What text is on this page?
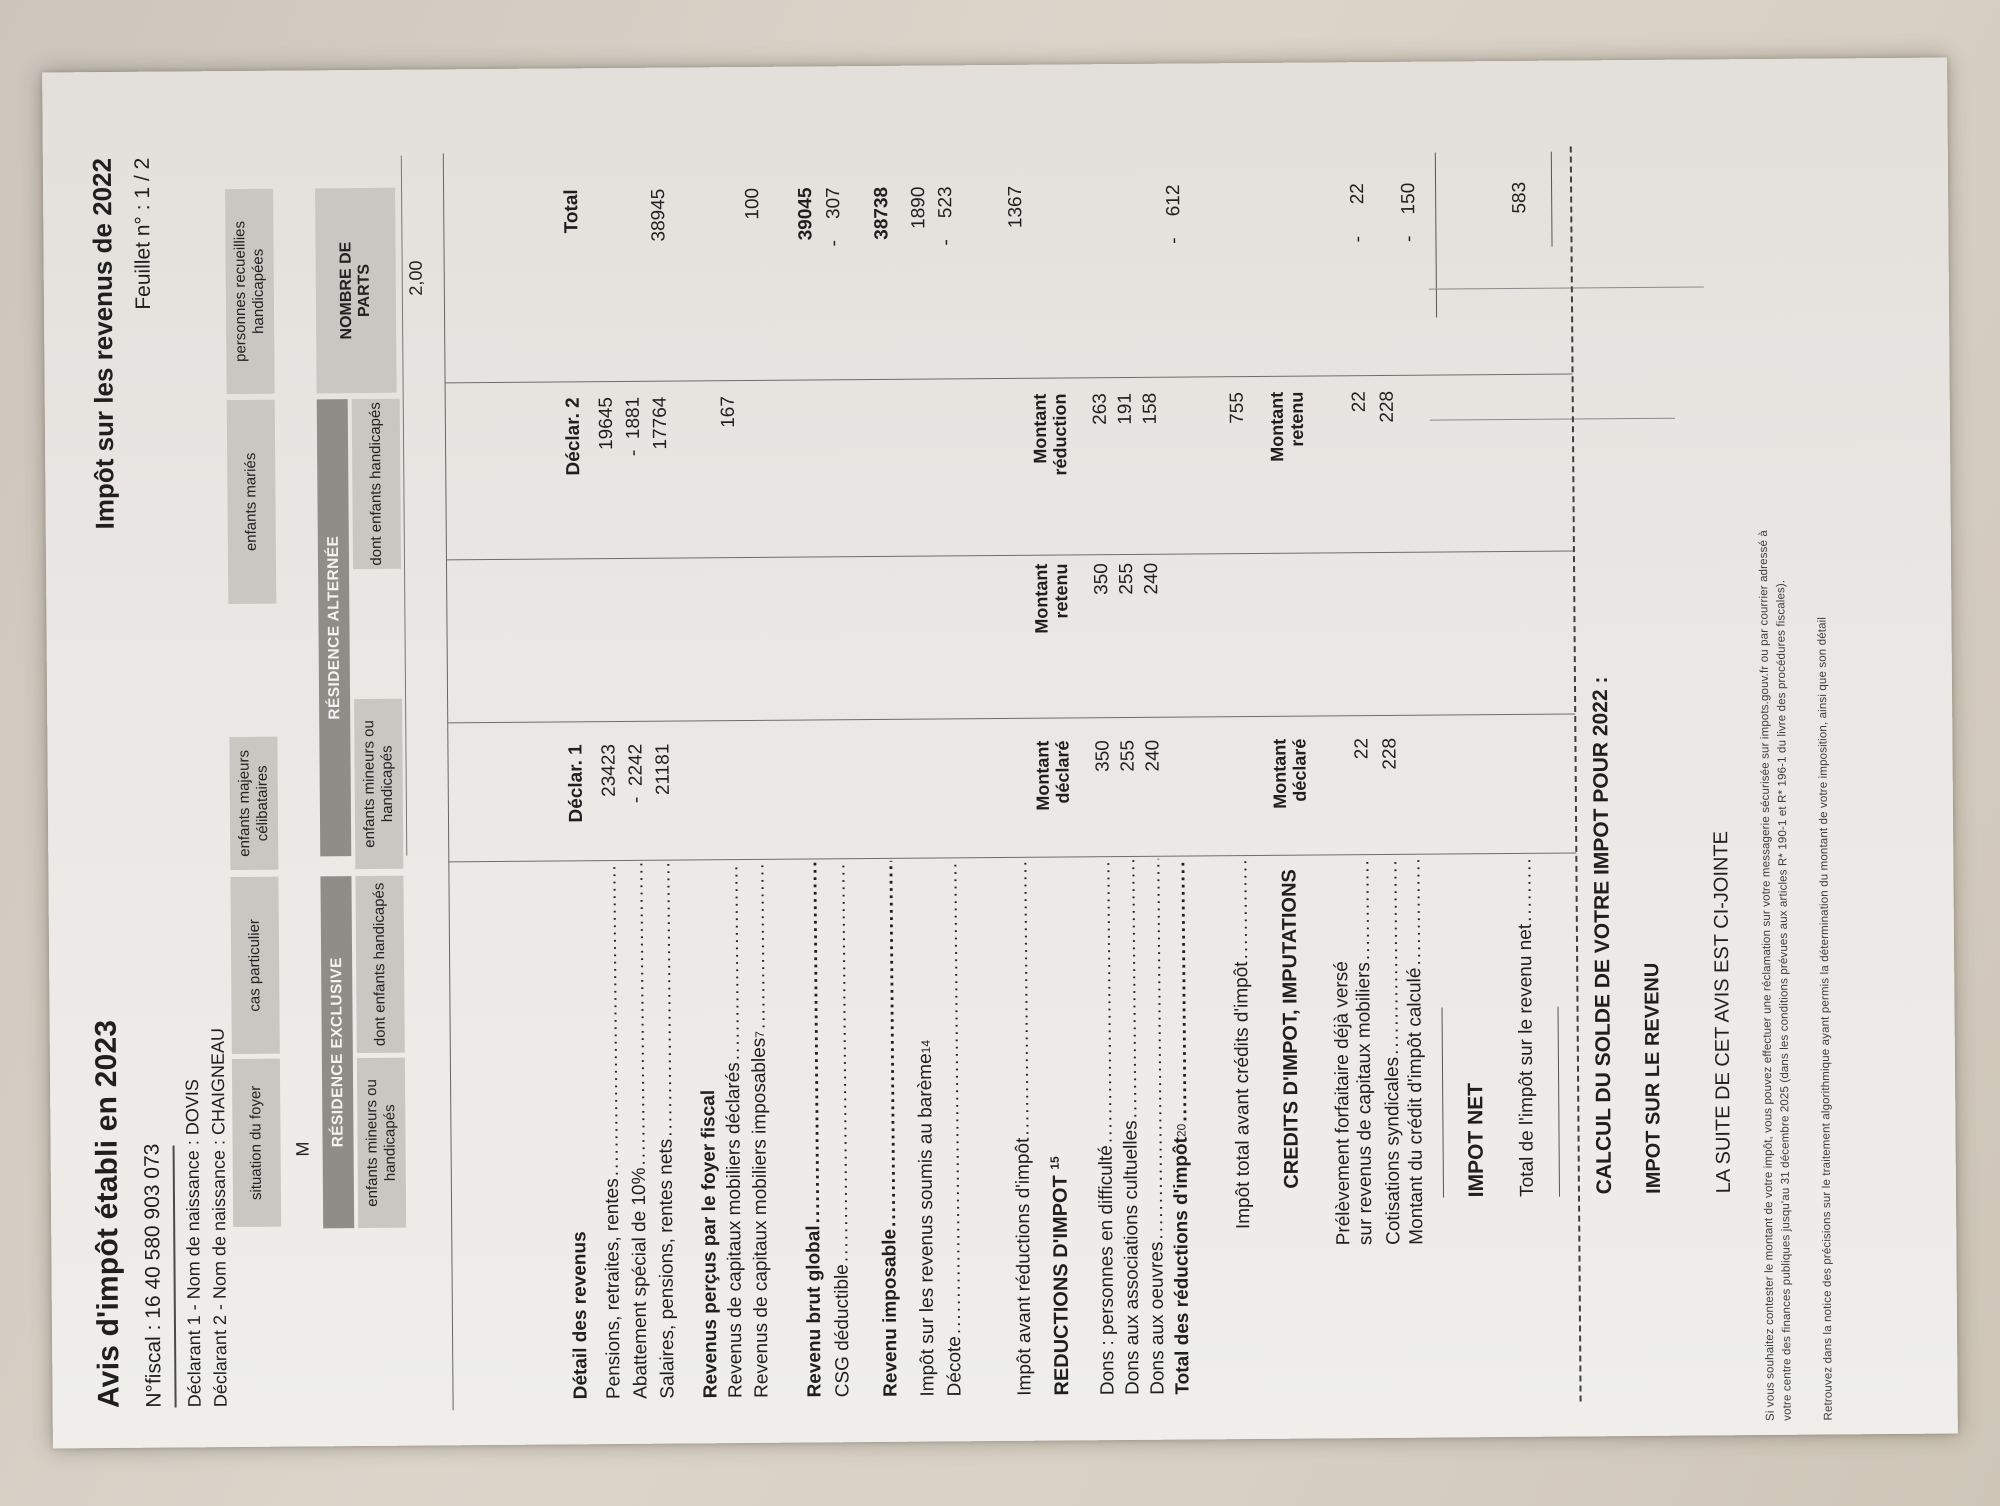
Avis d'impôt établi en 2023 N°fiscal : 16 40 580 903 073
Impôt sur les revenus de 2022 Feuillet n° : 1 / 2
Déclarant 1 - Nom de naissance : DOVIS Déclarant 2 - Nom de naissance : CHAIGNEAU	situation du foyer
cas particulier
enfants majeurs célibataires
enfants mariés
personnes recueillies handicapées
M
RÉSIDENCE EXCLUSIVE
RÉSIDENCE ALTERNÉE
NOMBRE DE PARTS
enfants mineurs ou handicapés
dont enfants handicapés
enfants mineurs ou handicapés
dont enfants handicapés
2,00
Détail des revenus
Déclar. 1
Déclar. 2
Total
Pensions, retraites, rentes
.....
23423
19645
Abattement spécial de 10%
.....
-  2242
-  1881
Salaires, pensions, rentes nets
.....
21181
17764
38945
Revenus perçus par le foyer fiscal Revenus de capitaux mobiliers déclarés
.....
167
Revenus de capitaux mobiliers imposables
7
.....
100
Revenu brut global
.....
39045
CSG déductible
.....
-    307
Revenu imposable
.....
38738
Impôt sur les revenus soumis au barème
14
1890
Décote
.....
-    523
Impôt avant réductions d'impôt
.....
1367
REDUCTIONS D'IMPOT $^{15}$
Montant
déclaré
Montant
retenu
Montant
réduction
Dons : personnes en difficulté
.....
350
350
263
Dons aux associations cultuelles
.....
255
255
191
Dons aux oeuvres
.....
240
240
158
Total des réductions d'impôt
20
.....
-    612
Impôt total avant crédits d'impôt
.....
755
CREDITS D'IMPOT, IMPUTATIONS
Montant
déclaré
Montant
retenu
Prélèvement forfaitaire déjà versé
sur revenus de capitaux mobiliers
.....
22
22
-      22
Cotisations syndicales
.....
228
228
Montant du crédit d'impôt calculé
.....
-    150
IMPOT NET Total de l'impôt sur le revenu net
.....
583
CALCUL DU SOLDE DE VOTRE IMPOT POUR 2022 : IMPOT SUR LE REVENU LA SUITE DE CET AVIS EST CI-JOINTE Si vous souhaitez contester le montant de votre impôt, vous pouvez effectuer une réclamation sur votre messagerie sécurisée sur impots.gouv.fr ou par courrier adressé à
votre centre des finances publiques jusqu'au 31 décembre 2025 (dans les conditions prévues aux articles R* 190-1 et R* 196-1 du livre des procédures fiscales). Retrouvez dans la notice des précisions sur le traitement algorithmique ayant permis la détermination du montant de votre imposition, ainsi que son détail
